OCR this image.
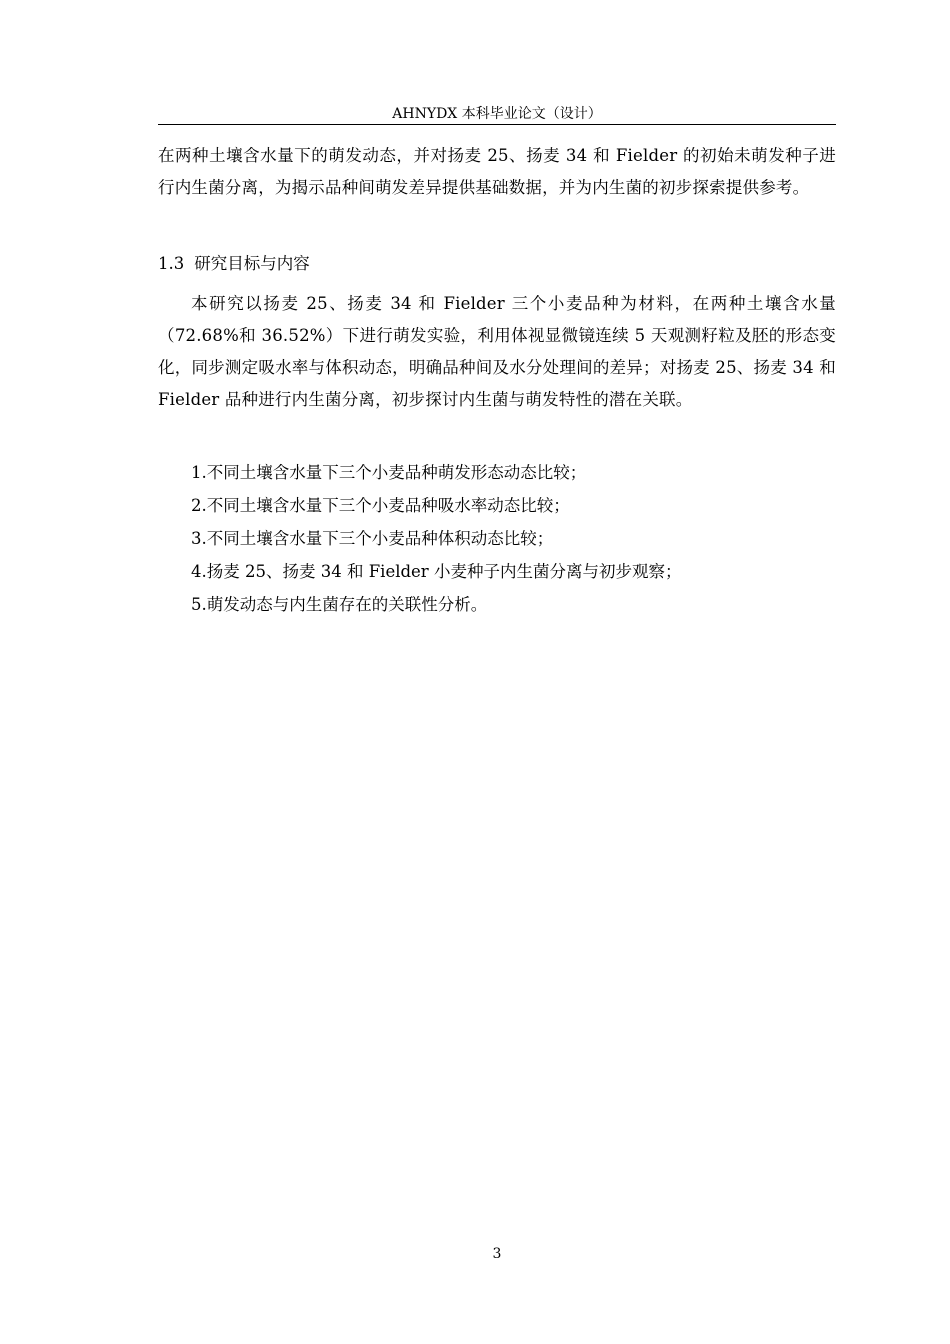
AHNYDX 本科毕业论文（设计）
在两种土壤含水量下的萌发动态，并对扬麦 25、扬麦 34 和 Fielder 的初始未萌发种子进行内生菌分离，为揭示品种间萌发差异提供基础数据，并为内生菌的初步探索提供参考。
1.3 研究目标与内容
本研究以扬麦 25、扬麦 34 和 Fielder 三个小麦品种为材料，在两种土壤含水量（72.68%和 36.52%）下进行萌发实验，利用体视显微镜连续 5 天观测籽粒及胚的形态变化，同步测定吸水率与体积动态，明确品种间及水分处理间的差异；对扬麦 25、扬麦 34 和 Fielder 品种进行内生菌分离，初步探讨内生菌与萌发特性的潜在关联。
1.不同土壤含水量下三个小麦品种萌发形态动态比较；
2.不同土壤含水量下三个小麦品种吸水率动态比较；
3.不同土壤含水量下三个小麦品种体积动态比较；
4.扬麦 25、扬麦 34 和 Fielder 小麦种子内生菌分离与初步观察；
5.萌发动态与内生菌存在的关联性分析。
3
